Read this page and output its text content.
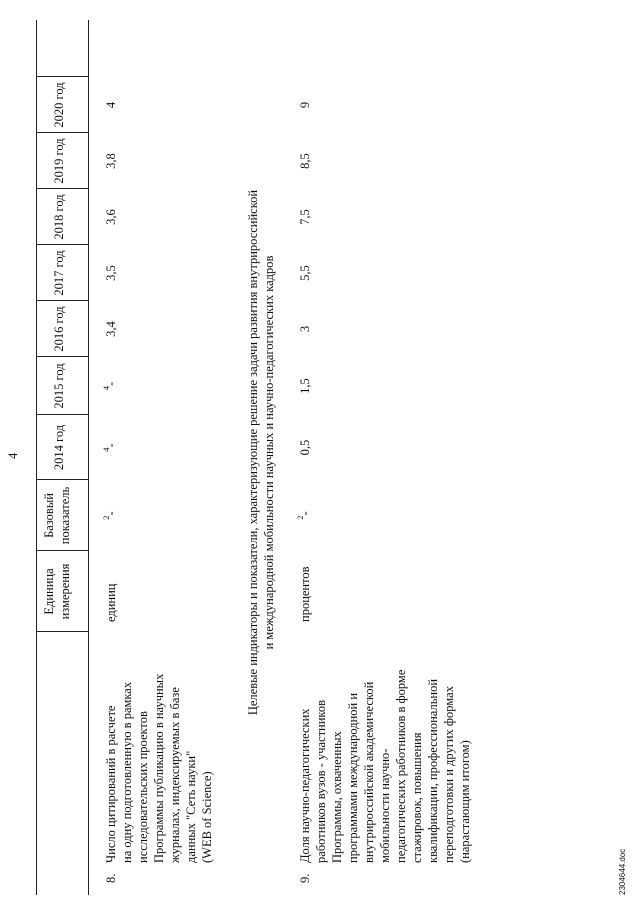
4
Единица измерения
Базовый показатель
2014 год
2015 год
2016 год
2017 год
2018 год
2019 год
2020 год
8.
Число цитирований в расчете на одну подготовленную в рамках исследовательских проектов Программы публикацию в научных журналах, индексируемых в базе данных "Сеть науки" (WEB of Science)
единиц
$^2$-
$^4$-
$^4$-
3,4
3,5
3,6
3,8
4
Целевые индикаторы и показатели, характеризующие решение задачи развития внутрироссийской и международной мобильности научных и научно-педагогических кадров
9.
Доля научно-педагогических работников вузов - участников Программы, охваченных программами международной и внутрироссийской академической мобильности научно- педагогических работников в форме стажировок, повышения квалификации, профессиональной переподготовки и других формах (нарастающим итогом)
процентов
$^2$-
0,5
1,5
3
5,5
7,5
8,5
9
2304644.doc
